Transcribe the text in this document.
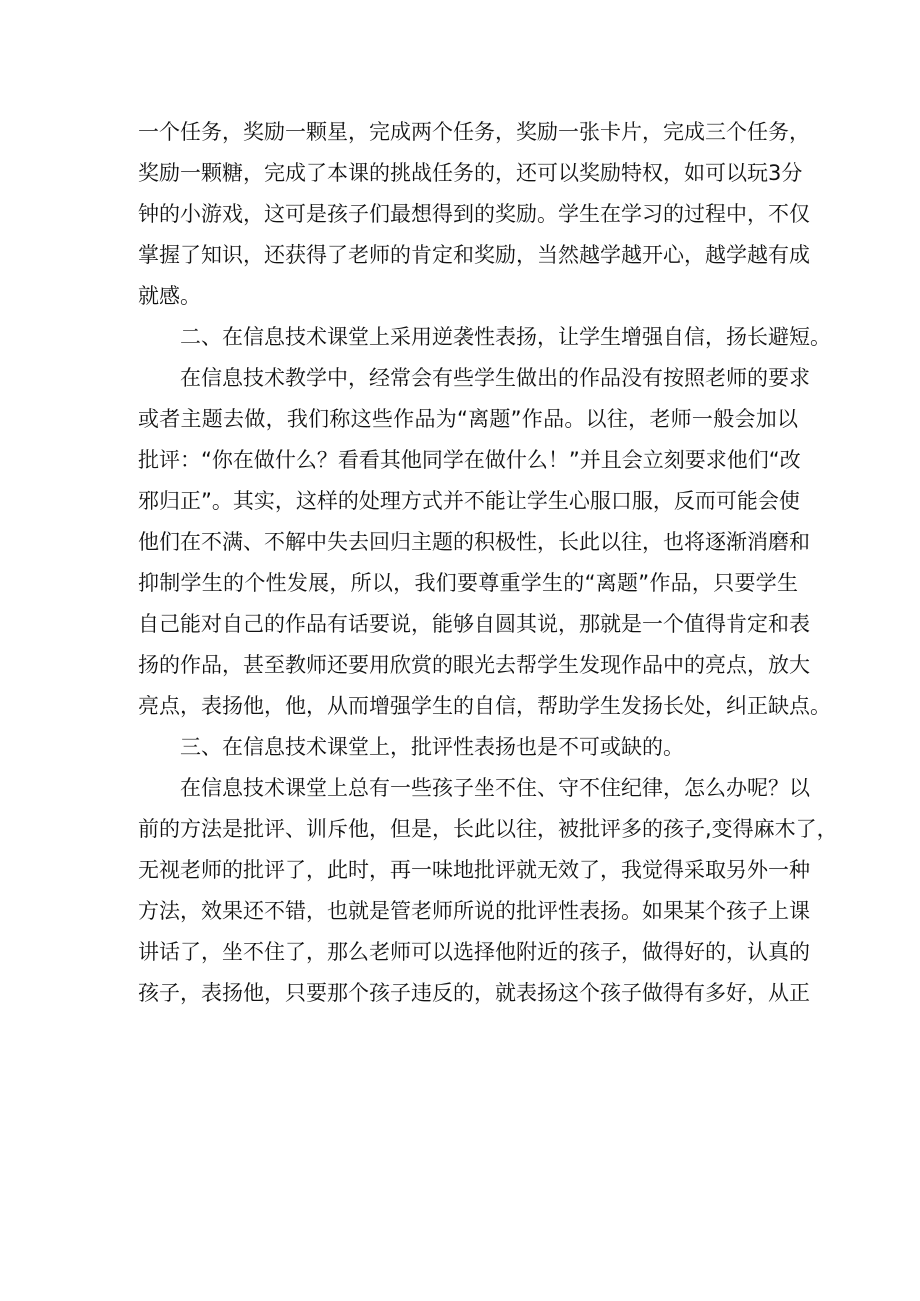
一个任务，奖励一颗星，完成两个任务，奖励一张卡片，完成三个任务，
奖励一颗糖，完成了本课的挑战任务的，还可以奖励特权，如可以玩3分
钟的小游戏，这可是孩子们最想得到的奖励。学生在学习的过程中，不仅
掌握了知识，还获得了老师的肯定和奖励，当然越学越开心，越学越有成
就感。
　　二、在信息技术课堂上采用逆袭性表扬，让学生增强自信，扬长避短。
　　在信息技术教学中，经常会有些学生做出的作品没有按照老师的要求
或者主题去做，我们称这些作品为“离题”作品。以往，老师一般会加以
批评：“你在做什么？看看其他同学在做什么！”并且会立刻要求他们“改
邪归正”。其实，这样的处理方式并不能让学生心服口服，反而可能会使
他们在不满、不解中失去回归主题的积极性，长此以往，也将逐渐消磨和
抑制学生的个性发展，所以，我们要尊重学生的“离题”作品，只要学生
自己能对自己的作品有话要说，能够自圆其说，那就是一个值得肯定和表
扬的作品，甚至教师还要用欣赏的眼光去帮学生发现作品中的亮点，放大
亮点，表扬他，他，从而增强学生的自信，帮助学生发扬长处，纠正缺点。
　　三、在信息技术课堂上，批评性表扬也是不可或缺的。
　　在信息技术课堂上总有一些孩子坐不住、守不住纪律，怎么办呢？以
前的方法是批评、训斥他，但是，长此以往，被批评多的孩子,变得麻木了，
无视老师的批评了，此时，再一味地批评就无效了，我觉得采取另外一种
方法，效果还不错，也就是管老师所说的批评性表扬。如果某个孩子上课
讲话了，坐不住了，那么老师可以选择他附近的孩子，做得好的，认真的
孩子，表扬他，只要那个孩子违反的，就表扬这个孩子做得有多好，从正
